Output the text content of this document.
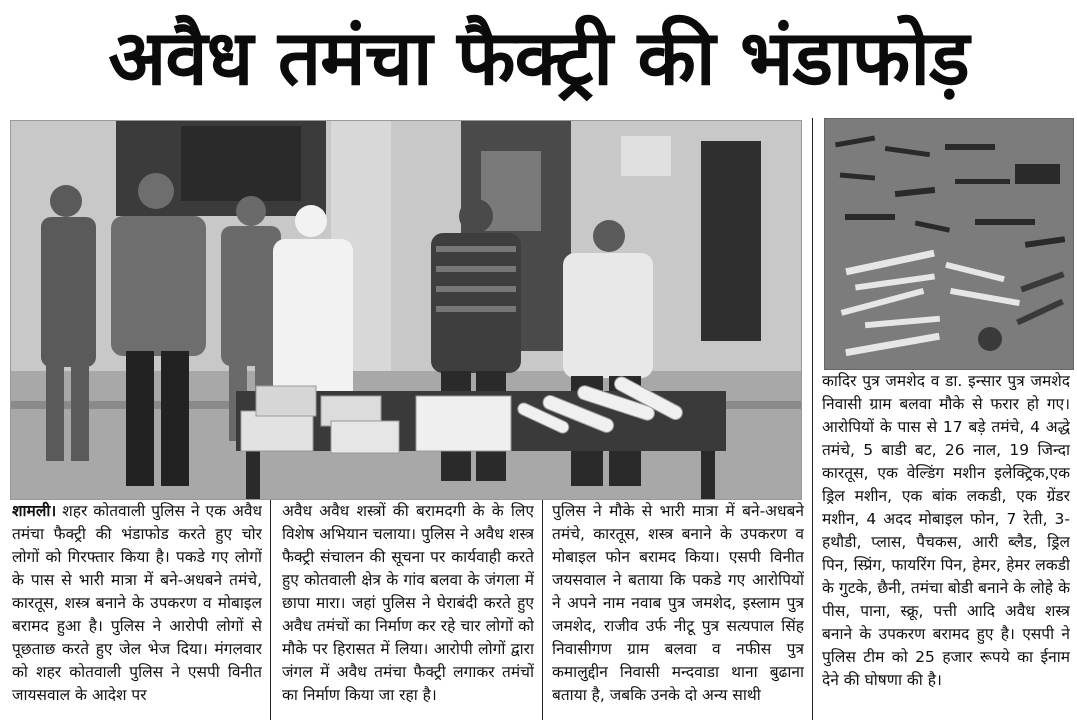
अवैध तमंचा फैक्ट्री की भंडाफोड़

शामली। शहर कोतवाली पुलिस ने एक अवैध तमंचा फैक्ट्री की भंडाफोड करते हुए चोर लोगों को गिरफ्तार किया है। पकडे गए लोगों के पास से भारी मात्रा में बने-अधबने तमंचे, कारतूस, शस्त्र बनाने के उपकरण व मोबाइल बरामद हुआ है। पुलिस ने आरोपी लोगों से पूछताछ करते हुए जेल भेज दिया। मंगलवार को शहर कोतवाली पुलिस ने एसपी विनीत जायसवाल के आदेश पर

अवैध अवैध शस्त्रों की बरामदगी के के लिए विशेष अभियान चलाया। पुलिस ने अवैध शस्त्र फैक्ट्री संचालन की सूचना पर कार्यवाही करते हुए कोतवाली क्षेत्र के गांव बलवा के जंगला में छापा मारा। जहां पुलिस ने घेराबंदी करते हुए अवैध तमंचों का निर्माण कर रहे चार लोगों को मौके पर हिरासत में लिया। आरोपी लोगों द्वारा जंगल में अवैध तमंचा फैक्ट्री लगाकर तमंचों का निर्माण किया जा रहा है।

पुलिस ने मौके से भारी मात्रा में बने-अधबने तमंचे, कारतूस, शस्त्र बनाने के उपकरण व मोबाइल फोन बरामद किया। एसपी विनीत जयसवाल ने बताया कि पकडे गए आरोपियों ने अपने नाम नवाब पुत्र जमशेद, इस्लाम पुत्र जमशेद, राजीव उर्फ नीटू पुत्र सत्यपाल सिंह निवासीगण ग्राम बलवा व नफीस पुत्र कमालुद्दीन निवासी मन्दवाडा थाना बुढाना बताया है, जबकि उनके दो अन्य साथी

कादिर पुत्र जमशेद व डा. इन्सार पुत्र जमशेद निवासी ग्राम बलवा मौके से फरार हो गए। आरोपियों के पास से 17 बड़े तमंचे, 4 अद्धे तमंचे, 5 बाडी बट, 26 नाल, 19 जिन्दा कारतूस, एक वेल्डिंग मशीन इलेक्ट्रिक,एक ड्रिल मशीन, एक बांक लकडी, एक ग्रेंडर मशीन, 4 अदद मोबाइल फोन, 7 रेती, 3- हथौडी, प्लास, पैचकस, आरी ब्लैड, ड्रिल पिन, स्प्रिंग, फायरिंग पिन, हेमर, हेमर लकडी के गुटके, छैनी, तमंचा बोडी बनाने के लोहे के पीस, पाना, स्क्रू, पत्ती आदि अवैध शस्त्र बनाने के उपकरण बरामद हुए है। एसपी ने पुलिस टीम को 25 हजार रूपये का ईनाम देने की घोषणा की है।
